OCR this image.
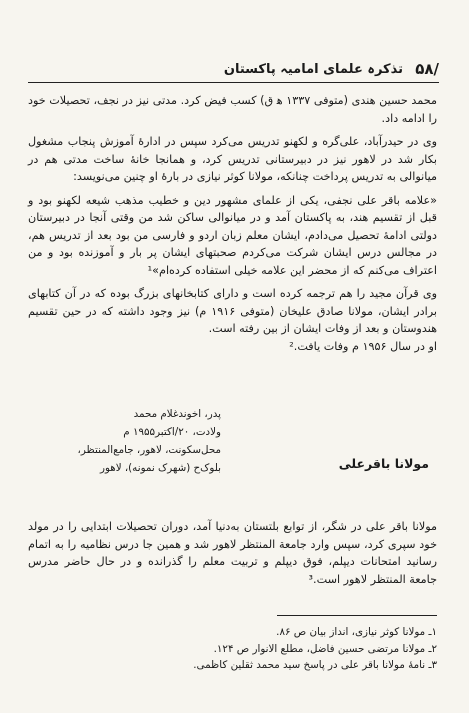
/۵۸
تذکرہ علمای امامیہ پاکستان

محمد حسین هندی (متوفی ۱۳۳۷ ﻫ ق) کسب فیض کرد. مدتی نیز در نجف، تحصیلات خود را ادامه داد.

وی در حیدرآباد، علی‌گره و لکهنو تدریس می‌کرد سپس در ادارهٔ آموزش پنجاب مشغول بکار شد در لاهور نیز در دبیرستانی تدریس کرد، و همانجا خانهٔ ساخت مدتی هم در میانوالی به تدریس پرداخت چنانکه، مولانا کوثر نیازی در بارهٔ او چنین می‌نویسد:

«علامه باقر علی نجفی، یکی از علمای مشهور دین و خطیب مذهب شیعه لکهنو بود و قبل از تقسیم هند، به پاکستان آمد و در میانوالی ساکن شد من وقتی آنجا در دبیرستان دولتی ادامهٔ تحصیل می‌دادم، ایشان معلم زبان اردو و فارسی من بود بعد از تدریس هم، در مجالس درس ایشان شرکت می‌کردم صحبتهای ایشان پر بار و آموزنده بود و من اعتراف می‌کنم که از محضر این علامه خیلی استفاده کرده‌ام»¹

وی قرآن مجید را هم ترجمه کرده است و دارای کتابخانهای بزرگ بوده که در آن کتابهای برادر ایشان، مولانا صادق علیخان (متوفی ۱۹۱۶ م) نیز وجود داشته که در حین تقسیم هندوستان و بعد از وفات ایشان از بین رفته است.

او در سال ۱۹۵۶ م وفات یافت.²

مولانا باقرعلی
پدر، اخوندغلام محمد
ولادت، ۲۰/اکتبر۱۹۵۵ م
محل‌سکونت، لاهور، جامع‌المنتظر،
بلوک‌ح (شهرک نمونه)، لاهور

مولانا باقر علی در شگر، از توابع بلتستان به‌دنیا آمد، دوران تحصیلات ابتدایی را در مولد خود سپری کرد، سپس وارد جامعة المنتظر لاهور شد و همین جا درس نظامیه را به اتمام رسانید امتحانات دیپلم، فوق دیپلم و تربیت معلم را گذرانده و در حال حاضر مدرس جامعة المنتظر لاهور است.³

۱ـ مولانا کوثر نیازی، انداز بیان ص ۸۶.
۲ـ مولانا مرتضی حسین فاضل، مطلع الانوار ص ۱۲۴.
۳ـ نامهٔ مولانا باقر علی در پاسخ سید محمد ثقلین کاظمی.
